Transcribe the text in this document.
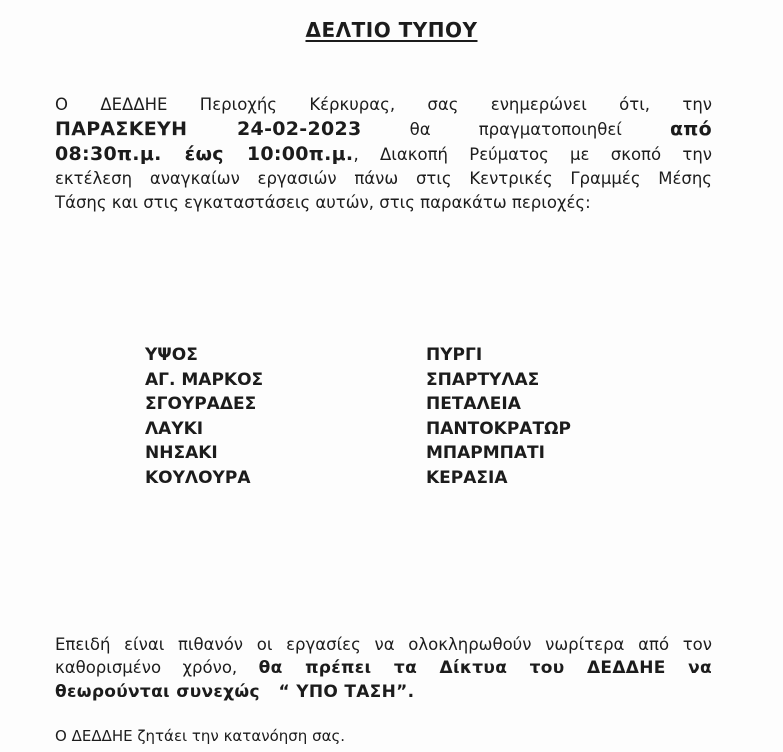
ΔΕΛΤΙΟ ΤΥΠΟΥ
Ο ΔΕΔΔΗΕ Περιοχής Κέρκυρας, σας ενημερώνει ότι, την
ΠΑΡΑΣΚΕΥΗ 24-02-2023	θα πραγματοποιηθεί	από
08:30π.μ. έως 10:00π.μ., Διακοπή Ρεύματος με σκοπό την
εκτέλεση αναγκαίων εργασιών πάνω στις Κεντρικές Γραμμές Μέσης
Τάσης και στις εγκαταστάσεις αυτών, στις παρακάτω περιοχές:
ΥΨΟΣ
ΑΓ. ΜΑΡΚΟΣ
ΣΓΟΥΡΑΔΕΣ
ΛΑΥΚΙ
ΝΗΣΑΚΙ
ΚΟΥΛΟΥΡΑ
ΠΥΡΓΙ
ΣΠΑΡΤΥΛΑΣ
ΠΕΤΑΛΕΙΑ
ΠΑΝΤΟΚΡΑΤΩΡ
ΜΠΑΡΜΠΑΤΙ
ΚΕΡΑΣΙΑ
Επειδή είναι πιθανόν οι εργασίες να ολοκληρωθούν νωρίτερα από τον
καθορισμένο χρόνο, θα πρέπει τα Δίκτυα του ΔΕΔΔΗΕ να
θεωρούνται συνεχώς   “ ΥΠΟ ΤΑΣΗ”.
Ο ΔΕΔΔΗΕ ζητάει την κατανόηση σας.
